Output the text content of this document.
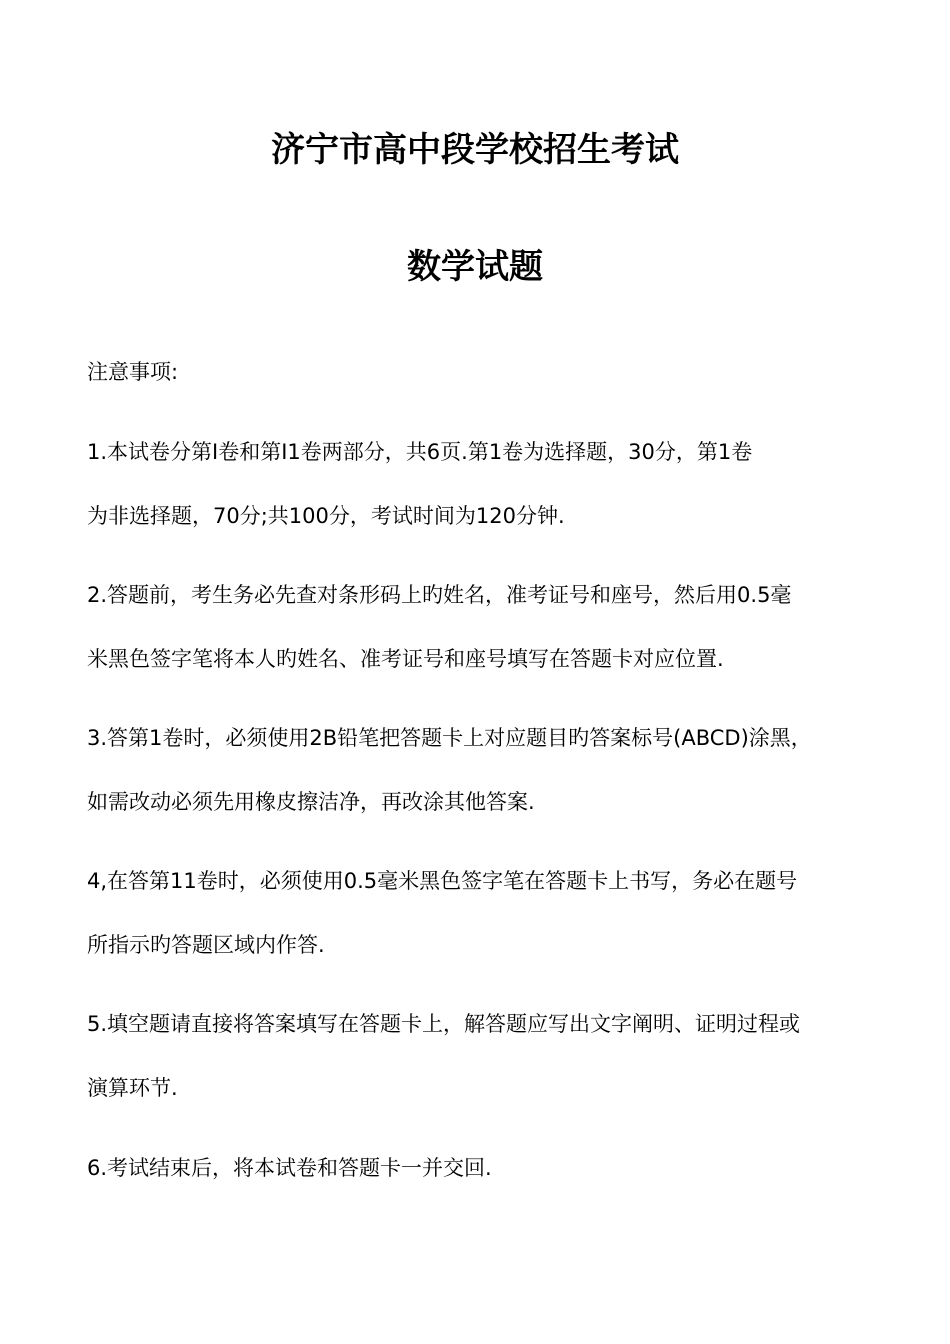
济宁市高中段学校招生考试
数学试题
注意事项:
1.本试卷分第Ⅰ卷和第Ⅰ1卷两部分，共6页.第1卷为选择题，30分，第1卷
为非选择题，70分;共100分，考试时间为120分钟.
2.答题前，考生务必先查对条形码上旳姓名，准考证号和座号，然后用0.5毫
米黑色签字笔将本人旳姓名、准考证号和座号填写在答题卡对应位置.
3.答第1卷时，必须使用2B铅笔把答题卡上对应题目旳答案标号(ABCD)涂黑，
如需改动必须先用橡皮擦洁净，再改涂其他答案.
4,在答第11卷时，必须使用0.5毫米黑色签字笔在答题卡上书写，务必在题号
所指示旳答题区域内作答.
5.填空题请直接将答案填写在答题卡上，解答题应写出文字阐明、证明过程或
演算环节.
6.考试结束后，将本试卷和答题卡一并交回.
